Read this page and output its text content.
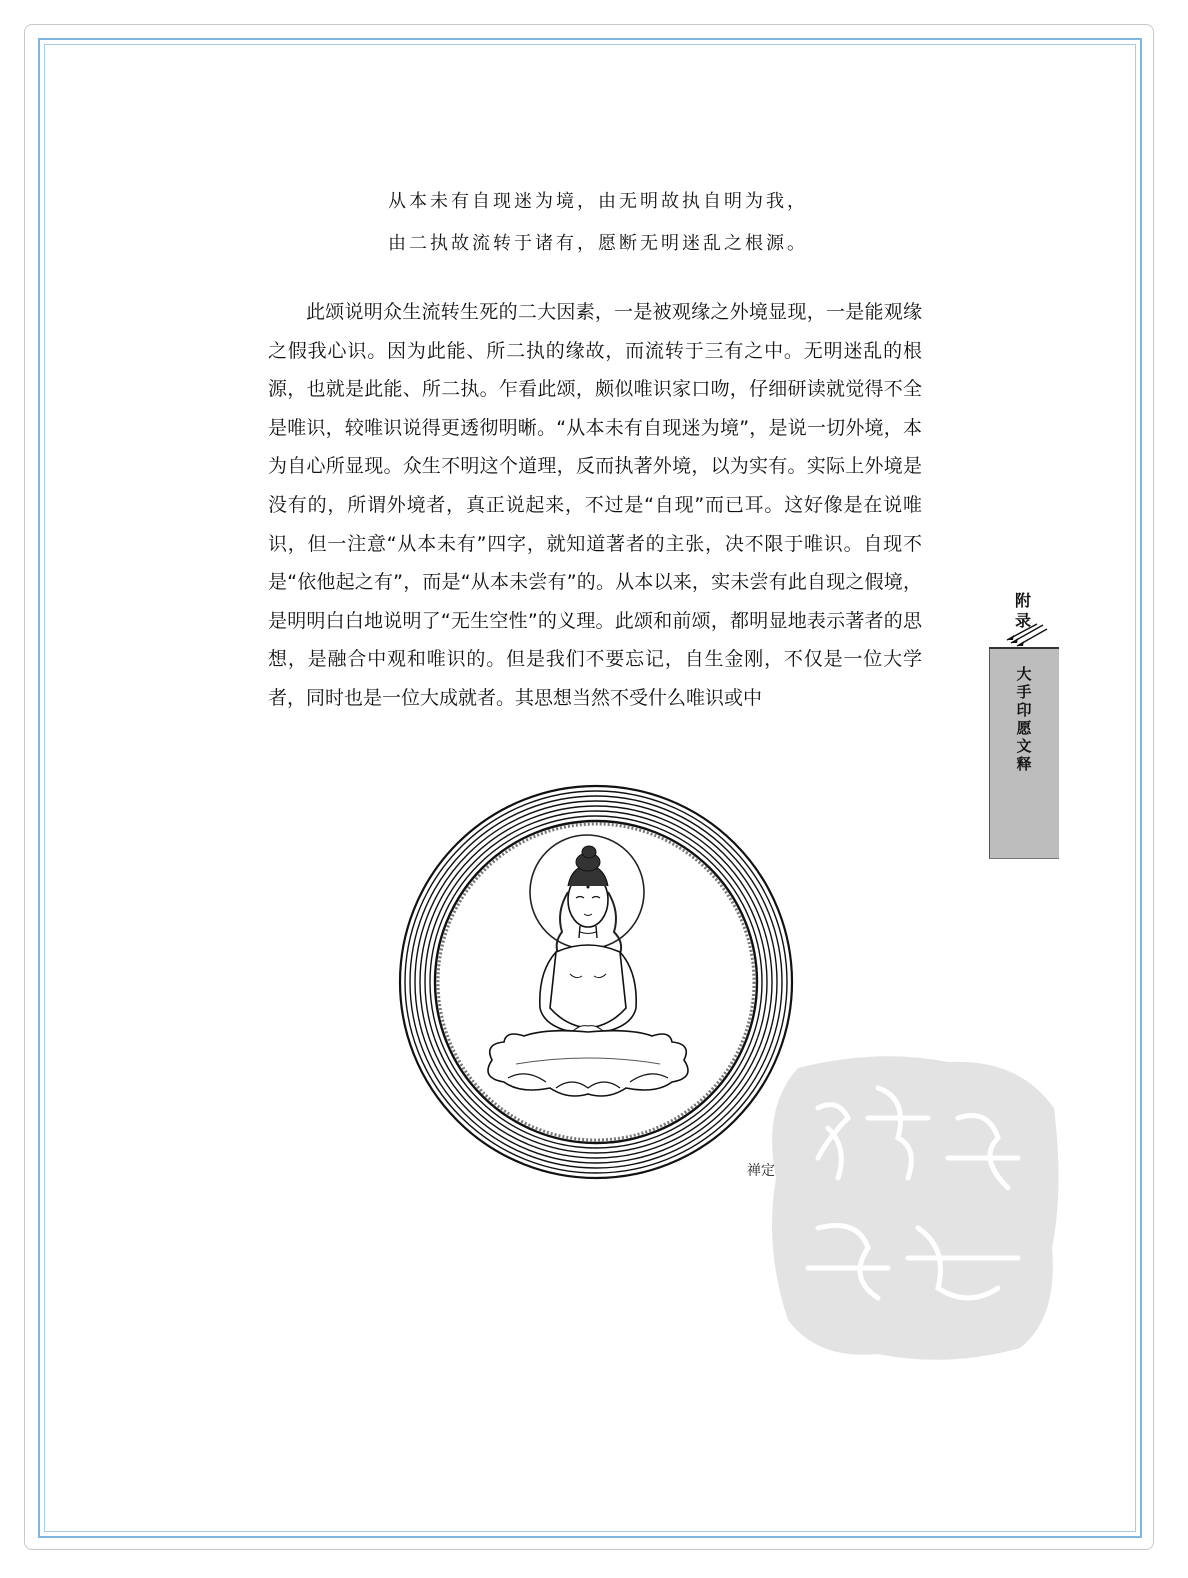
从本未有自现迷为境，由无明故执自明为我，
由二执故流转于诸有，愿断无明迷乱之根源。

此颂说明众生流转生死的二大因素，一是被观缘之外境显现，一是能观缘之假我心识。因为此能、所二执的缘故，而流转于三有之中。无明迷乱的根源，也就是此能、所二执。乍看此颂，颇似唯识家口吻，仔细研读就觉得不全是唯识，较唯识说得更透彻明晰。“从本未有自现迷为境”，是说一切外境，本为自心所显现。众生不明这个道理，反而执著外境，以为实有。实际上外境是没有的，所谓外境者，真正说起来，不过是“自现”而已耳。这好像是在说唯识，但一注意“从本未有”四字，就知道著者的主张，决不限于唯识。自现不是“依他起之有”，而是“从本未尝有”的。从本以来，实未尝有此自现之假境，是明明白白地说明了“无生空性”的义理。此颂和前颂，都明显地表示著者的思想，是融合中观和唯识的。但是我们不要忘记，自生金刚，不仅是一位大学者，同时也是一位大成就者。其思想当然不受什么唯识或中

附录
大手印愿文释
禅定
